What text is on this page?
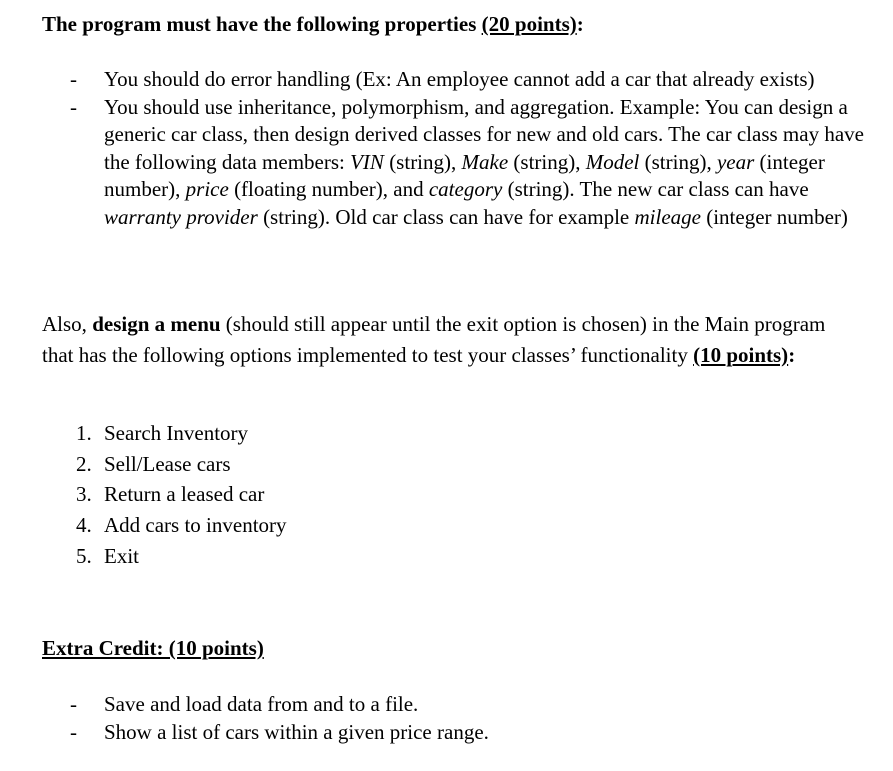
The program must have the following properties (20 points):
- You should do error handling (Ex: An employee cannot add a car that already exists)
- You should use inheritance, polymorphism, and aggregation. Example: You can design a generic car class, then design derived classes for new and old cars. The car class may have the following data members: VIN (string), Make (string), Model (string), year (integer number), price (floating number), and category (string). The new car class can have warranty provider (string). Old car class can have for example mileage (integer number)
Also, design a menu (should still appear until the exit option is chosen) in the Main program that has the following options implemented to test your classes’ functionality (10 points):
1. Search Inventory
2. Sell/Lease cars
3. Return a leased car
4. Add cars to inventory
5. Exit
Extra Credit: (10 points)
- Save and load data from and to a file.
- Show a list of cars within a given price range.
